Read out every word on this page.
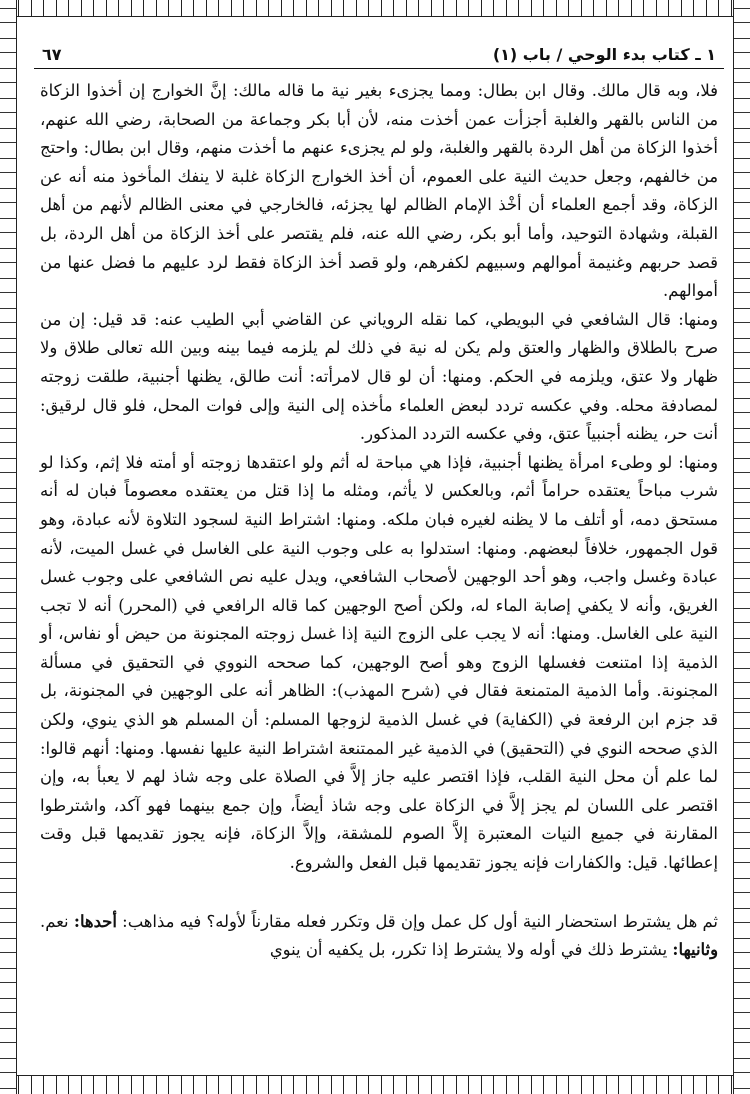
١ ـ كتاب بدء الوحي / باب (١)
٦٧

فلا، وبه قال مالك. وقال ابن بطال: ومما يجزىء بغير نية ما قاله مالك: إنَّ الخوارج إن أخذوا الزكاة من الناس بالقهر والغلبة أجزأت عمن أخذت منه، لأن أبا بكر وجماعة من الصحابة، رضي الله عنهم، أخذوا الزكاة من أهل الردة بالقهر والغلبة، ولو لم يجزىء عنهم ما أخذت منهم، وقال ابن بطال: واحتج من خالفهم، وجعل حديث النية على العموم، أن أخذ الخوارج الزكاة غلبة لا ينفك المأخوذ منه أنه عن الزكاة، وقد أجمع العلماء أن أخْذ الإمام الظالم لها يجزئه، فالخارجي في معنى الظالم لأنهم من أهل القبلة، وشهادة التوحيد، وأما أبو بكر، رضي الله عنه، فلم يقتصر على أخذ الزكاة من أهل الردة، بل قصد حربهم وغنيمة أموالهم وسبيهم لكفرهم، ولو قصد أخذ الزكاة فقط لرد عليهم ما فضل عنها من أموالهم.

ومنها: قال الشافعي في البويطي، كما نقله الروياني عن القاضي أبي الطيب عنه: قد قيل: إن من صرح بالطلاق والظهار والعتق ولم يكن له نية في ذلك لم يلزمه فيما بينه وبين الله تعالى طلاق ولا ظهار ولا عتق، ويلزمه في الحكم. ومنها: أن لو قال لامرأته: أنت طالق، يظنها أجنبية، طلقت زوجته لمصادفة محله. وفي عكسه تردد لبعض العلماء مأخذه إلى النية وإلى فوات المحل، فلو قال لرقيق: أنت حر، يظنه أجنبياً عتق، وفي عكسه التردد المذكور.

ومنها: لو وطىء امرأة يظنها أجنبية، فإذا هي مباحة له أثم ولو اعتقدها زوجته أو أمته فلا إثم، وكذا لو شرب مباحاً يعتقده حراماً أثم، وبالعكس لا يأثم، ومثله ما إذا قتل من يعتقده معصوماً فبان له أنه مستحق دمه، أو أتلف ما لا يظنه لغيره فبان ملكه. ومنها: اشتراط النية لسجود التلاوة لأنه عبادة، وهو قول الجمهور، خلافاً لبعضهم. ومنها: استدلوا به على وجوب النية على الغاسل في غسل الميت، لأنه عبادة وغسل واجب، وهو أحد الوجهين لأصحاب الشافعي، ويدل عليه نص الشافعي على وجوب غسل الغريق، وأنه لا يكفي إصابة الماء له، ولكن أصح الوجهين كما قاله الرافعي في (المحرر) أنه لا تجب النية على الغاسل. ومنها: أنه لا يجب على الزوج النية إذا غسل زوجته المجنونة من حيض أو نفاس، أو الذمية إذا امتنعت فغسلها الزوج وهو أصح الوجهين، كما صححه النووي في التحقيق في مسألة المجنونة. وأما الذمية المتمنعة فقال في (شرح المهذب): الظاهر أنه على الوجهين في المجنونة، بل قد جزم ابن الرفعة في (الكفاية) في غسل الذمية لزوجها المسلم: أن المسلم هو الذي ينوي، ولكن الذي صححه النوي في (التحقيق) في الذمية غير الممتنعة اشتراط النية عليها نفسها. ومنها: أنهم قالوا: لما علم أن محل النية القلب، فإذا اقتصر عليه جاز إلاَّ في الصلاة على وجه شاذ لهم لا يعبأ به، وإن اقتصر على اللسان لم يجز إلاَّ في الزكاة على وجه شاذ أيضاً، وإن جمع بينهما فهو آكد، واشترطوا المقارنة في جميع النيات المعتبرة إلاَّ الصوم للمشقة، وإلاَّ الزكاة، فإنه يجوز تقديمها قبل وقت إعطائها. قيل: والكفارات فإنه يجوز تقديمها قبل الفعل والشروع.

ثم هل يشترط استحضار النية أول كل عمل وإن قل وتكرر فعله مقارناً لأوله؟ فيه مذاهب: أحدها: نعم. وثانيها: يشترط ذلك في أوله ولا يشترط إذا تكرر، بل يكفيه أن ينوي
